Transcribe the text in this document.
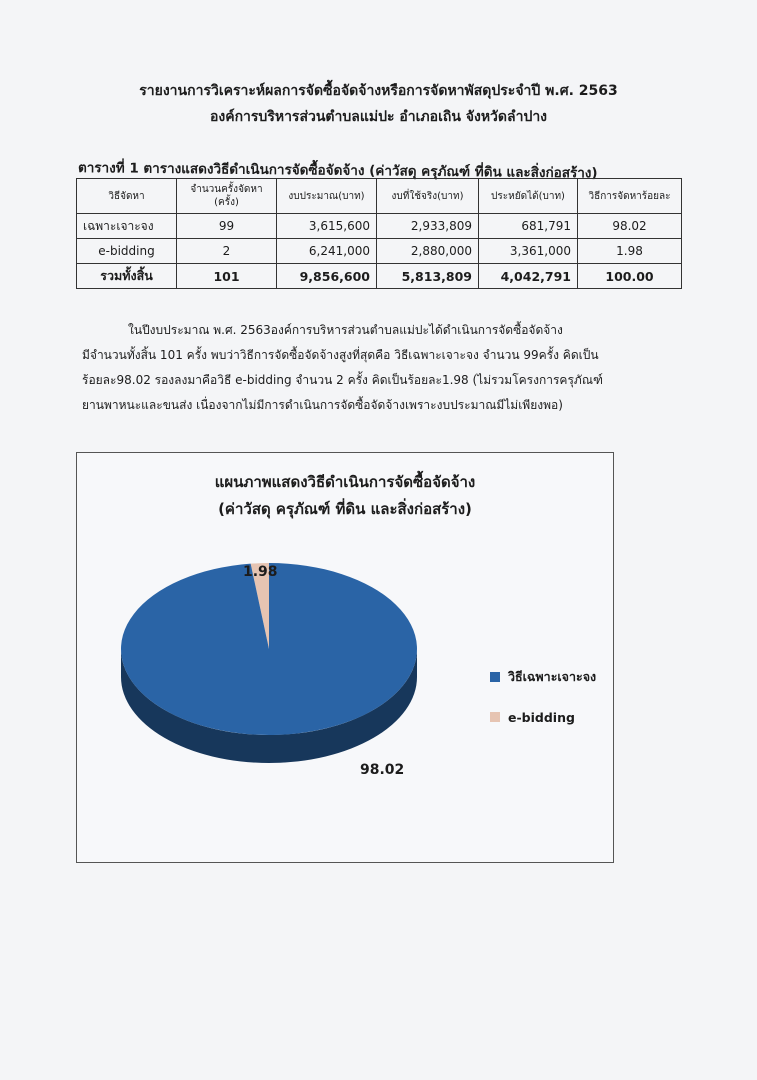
รายงานการวิเคราะห์ผลการจัดซื้อจัดจ้างหรือการจัดหาพัสดุประจำปี พ.ศ. 2563
องค์การบริหารส่วนตำบลแม่ปะ อำเภอเถิน จังหวัดลำปาง
ตารางที่ 1 ตารางแสดงวิธีดำเนินการจัดซื้อจัดจ้าง (ค่าวัสดุ ครุภัณฑ์ ที่ดิน และสิ่งก่อสร้าง)
วิธีจัดหา	จำนวนครั้งจัดหา (ครั้ง)	งบประมาณ(บาท)	งบที่ใช้จริง(บาท)	ประหยัดได้(บาท)	วิธีการจัดหาร้อยละ
เฉพาะเจาะจง	99	3,615,600	2,933,809	681,791	98.02
e-bidding	2	6,241,000	2,880,000	3,361,000	1.98
รวมทั้งสิ้น	101	9,856,600	5,813,809	4,042,791	100.00
ในปีงบประมาณ พ.ศ. 2563องค์การบริหารส่วนตำบลแม่ปะได้ดำเนินการจัดซื้อจัดจ้าง
มีจำนวนทั้งสิ้น 101 ครั้ง พบว่าวิธีการจัดซื้อจัดจ้างสูงที่สุดคือ วิธีเฉพาะเจาะจง จำนวน 99ครั้ง คิดเป็น
ร้อยละ98.02 รองลงมาคือวิธี e-bidding จำนวน 2 ครั้ง คิดเป็นร้อยละ1.98 (ไม่รวมโครงการครุภัณฑ์
ยานพาหนะและขนส่ง เนื่องจากไม่มีการดำเนินการจัดซื้อจัดจ้างเพราะงบประมาณมีไม่เพียงพอ)
แผนภาพแสดงวิธีดำเนินการจัดซื้อจัดจ้าง
(ค่าวัสดุ ครุภัณฑ์ ที่ดิน และสิ่งก่อสร้าง)
98.02
1.98
วิธีเฉพาะเจาะจง
e-bidding
